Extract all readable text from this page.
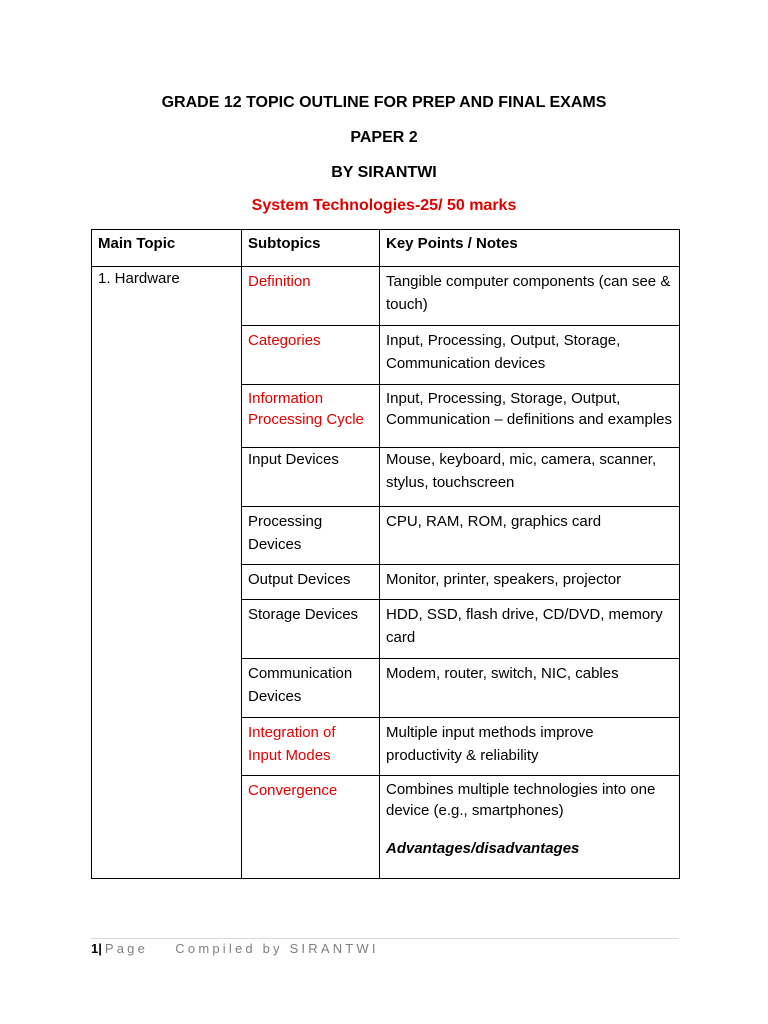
GRADE 12 TOPIC OUTLINE FOR PREP AND FINAL EXAMS
PAPER 2
BY SIRANTWI
System Technologies-25/ 50 marks
Main Topic	Subtopics	Key Points / Notes
1. Hardware	Definition	Tangible computer components (can see & touch)
	Categories	Input, Processing, Output, Storage, Communication devices

	Information Processing Cycle	Input, Processing, Storage, Output, Communication – definitions and examples

	Input Devices	Mouse, keyboard, mic, camera, scanner, stylus, touchscreen
	Processing Devices	CPU, RAM, ROM, graphics card
	Output Devices	Monitor, printer, speakers, projector
	Storage Devices	HDD, SSD, flash drive, CD/DVD, memory card
	Communication Devices	Modem, router, switch, NIC, cables
	Integration of Input Modes	Multiple input methods improve productivity & reliability
	Convergence	Combines multiple technologies into one device (e.g., smartphones)
Advantages/disadvantages
1| Page Compiled by SIRANTWI
